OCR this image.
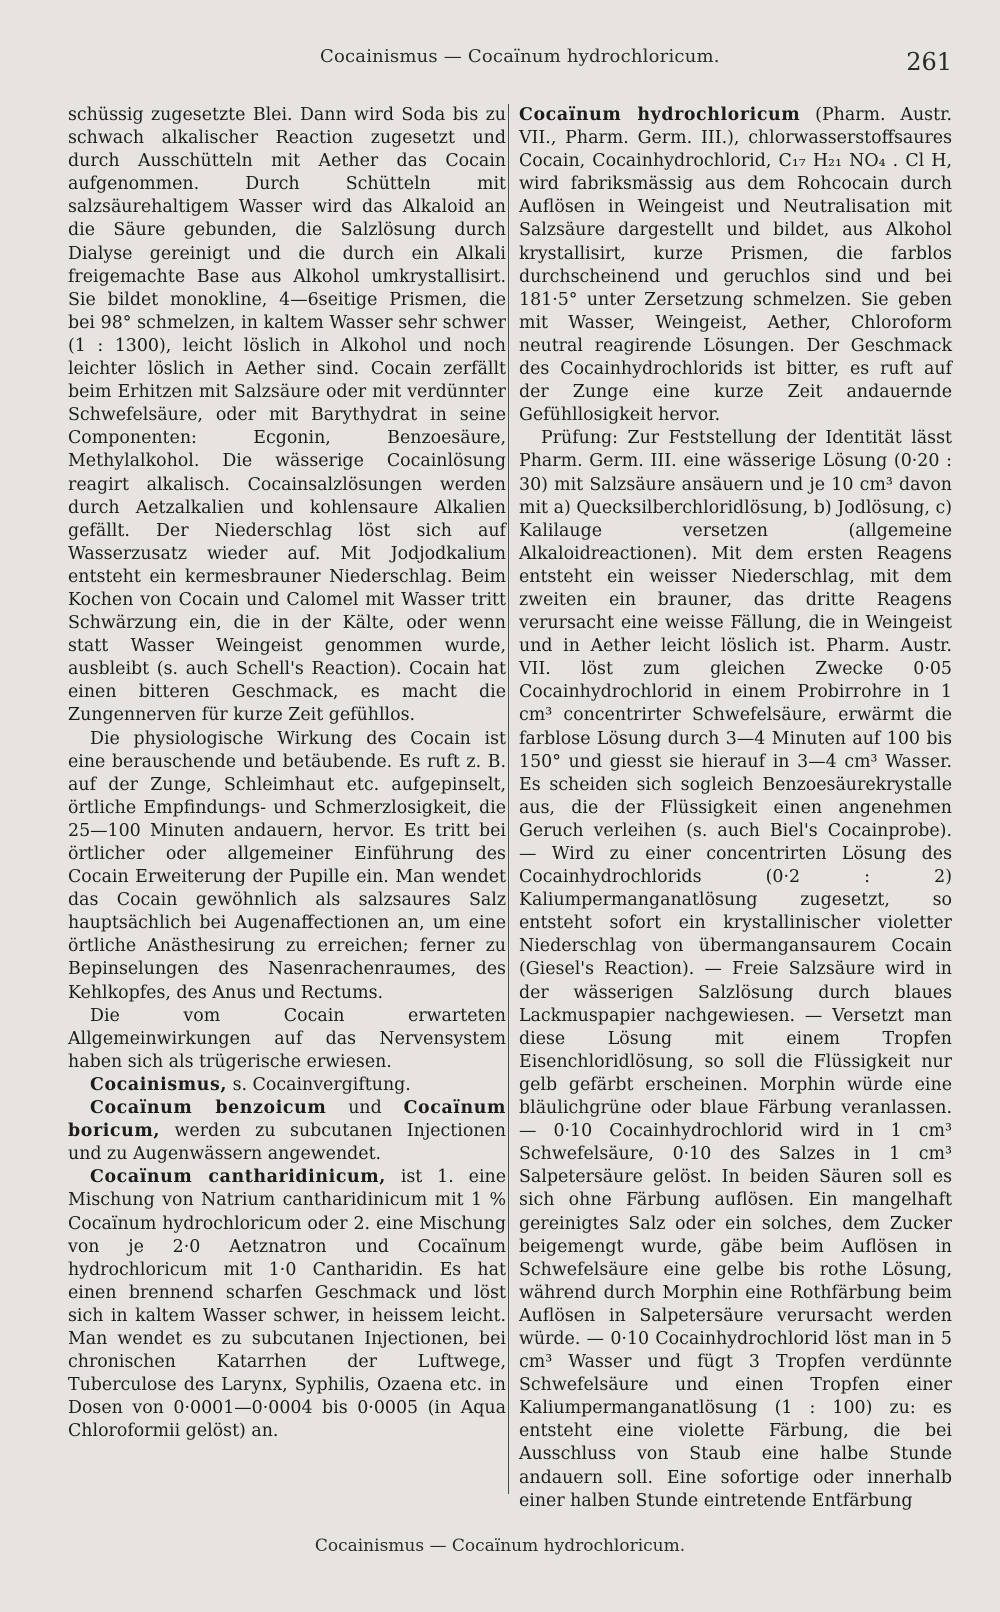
Cocainismus — Cocaïnum hydrochloricum.	261

schüssig zugesetzte Blei. Dann wird Soda bis zu schwach alkalischer Reaction zugesetzt und durch Ausschütteln mit Aether das Cocain aufgenommen. Durch Schütteln mit salzsäurehaltigem Wasser wird das Alkaloid an die Säure gebunden, die Salzlösung durch Dialyse gereinigt und die durch ein Alkali freigemachte Base aus Alkohol umkrystallisirt. Sie bildet monokline, 4—6seitige Prismen, die bei 98° schmelzen, in kaltem Wasser sehr schwer (1 : 1300), leicht löslich in Alkohol und noch leichter löslich in Aether sind. Cocain zerfällt beim Erhitzen mit Salzsäure oder mit verdünnter Schwefelsäure, oder mit Barythydrat in seine Componenten: Ecgonin, Benzoesäure, Methylalkohol. Die wässerige Cocainlösung reagirt alkalisch. Cocainsalzlösungen werden durch Aetzalkalien und kohlensaure Alkalien gefällt. Der Niederschlag löst sich auf Wasserzusatz wieder auf. Mit Jodjodkalium entsteht ein kermesbrauner Niederschlag. Beim Kochen von Cocain und Calomel mit Wasser tritt Schwärzung ein, die in der Kälte, oder wenn statt Wasser Weingeist genommen wurde, ausbleibt (s. auch Schell's Reaction). Cocain hat einen bitteren Geschmack, es macht die Zungennerven für kurze Zeit gefühllos.

Die physiologische Wirkung des Cocain ist eine berauschende und betäubende. Es ruft z. B. auf der Zunge, Schleimhaut etc. aufgepinselt, örtliche Empfindungs- und Schmerzlosigkeit, die 25—100 Minuten andauern, hervor. Es tritt bei örtlicher oder allgemeiner Einführung des Cocain Erweiterung der Pupille ein. Man wendet das Cocain gewöhnlich als salzsaures Salz hauptsächlich bei Augenaffectionen an, um eine örtliche Anästhesirung zu erreichen; ferner zu Bepinselungen des Nasenrachenraumes, des Kehlkopfes, des Anus und Rectums.

Die vom Cocain erwarteten Allgemeinwirkungen auf das Nervensystem haben sich als trügerische erwiesen.

Cocainismus, s. Cocainvergiftung.

Cocaïnum benzoicum und Cocaïnum boricum, werden zu subcutanen Injectionen und zu Augenwässern angewendet.

Cocaïnum cantharidinicum, ist 1. eine Mischung von Natrium cantharidinicum mit 1 % Cocaïnum hydrochloricum oder 2. eine Mischung von je 2·0 Aetznatron und Cocaïnum hydrochloricum mit 1·0 Cantharidin. Es hat einen brennend scharfen Geschmack und löst sich in kaltem Wasser schwer, in heissem leicht. Man wendet es zu subcutanen Injectionen, bei chronischen Katarrhen der Luftwege, Tuberculose des Larynx, Syphilis, Ozaena etc. in Dosen von 0·0001—0·0004 bis 0·0005 (in Aqua Chloroformii gelöst) an.

Cocaïnum hydrochloricum (Pharm. Austr. VII., Pharm. Germ. III.), chlorwasserstoffsaures Cocain, Cocainhydrochlorid, C₁₇ H₂₁ NO₄ . Cl H, wird fabriksmässig aus dem Rohcocain durch Auflösen in Weingeist und Neutralisation mit Salzsäure dargestellt und bildet, aus Alkohol krystallisirt, kurze Prismen, die farblos durchscheinend und geruchlos sind und bei 181·5° unter Zersetzung schmelzen. Sie geben mit Wasser, Weingeist, Aether, Chloroform neutral reagirende Lösungen. Der Geschmack des Cocainhydrochlorids ist bitter, es ruft auf der Zunge eine kurze Zeit andauernde Gefühllosigkeit hervor.

Prüfung: Zur Feststellung der Identität lässt Pharm. Germ. III. eine wässerige Lösung (0·20 : 30) mit Salzsäure ansäuern und je 10 cm³ davon mit a) Quecksilberchloridlösung, b) Jodlösung, c) Kalilauge versetzen (allgemeine Alkaloidreactionen). Mit dem ersten Reagens entsteht ein weisser Niederschlag, mit dem zweiten ein brauner, das dritte Reagens verursacht eine weisse Fällung, die in Weingeist und in Aether leicht löslich ist. Pharm. Austr. VII. löst zum gleichen Zwecke 0·05 Cocainhydrochlorid in einem Probirrohre in 1 cm³ concentrirter Schwefelsäure, erwärmt die farblose Lösung durch 3—4 Minuten auf 100 bis 150° und giesst sie hierauf in 3—4 cm³ Wasser. Es scheiden sich sogleich Benzoesäurekrystalle aus, die der Flüssigkeit einen angenehmen Geruch verleihen (s. auch Biel's Cocainprobe). — Wird zu einer concentrirten Lösung des Cocainhydrochlorids (0·2 : 2) Kaliumpermanganatlösung zugesetzt, so entsteht sofort ein krystallinischer violetter Niederschlag von übermangansaurem Cocain (Giesel's Reaction). — Freie Salzsäure wird in der wässerigen Salzlösung durch blaues Lackmuspapier nachgewiesen. — Versetzt man diese Lösung mit einem Tropfen Eisenchloridlösung, so soll die Flüssigkeit nur gelb gefärbt erscheinen. Morphin würde eine bläulichgrüne oder blaue Färbung veranlassen. — 0·10 Cocainhydrochlorid wird in 1 cm³ Schwefelsäure, 0·10 des Salzes in 1 cm³ Salpetersäure gelöst. In beiden Säuren soll es sich ohne Färbung auflösen. Ein mangelhaft gereinigtes Salz oder ein solches, dem Zucker beigemengt wurde, gäbe beim Auflösen in Schwefelsäure eine gelbe bis rothe Lösung, während durch Morphin eine Rothfärbung beim Auflösen in Salpetersäure verursacht werden würde. — 0·10 Cocainhydrochlorid löst man in 5 cm³ Wasser und fügt 3 Tropfen verdünnte Schwefelsäure und einen Tropfen einer Kaliumpermanganatlösung (1 : 100) zu: es entsteht eine violette Färbung, die bei Ausschluss von Staub eine halbe Stunde andauern soll. Eine sofortige oder innerhalb einer halben Stunde eintretende Entfärbung

Cocainismus — Cocaïnum hydrochloricum.
